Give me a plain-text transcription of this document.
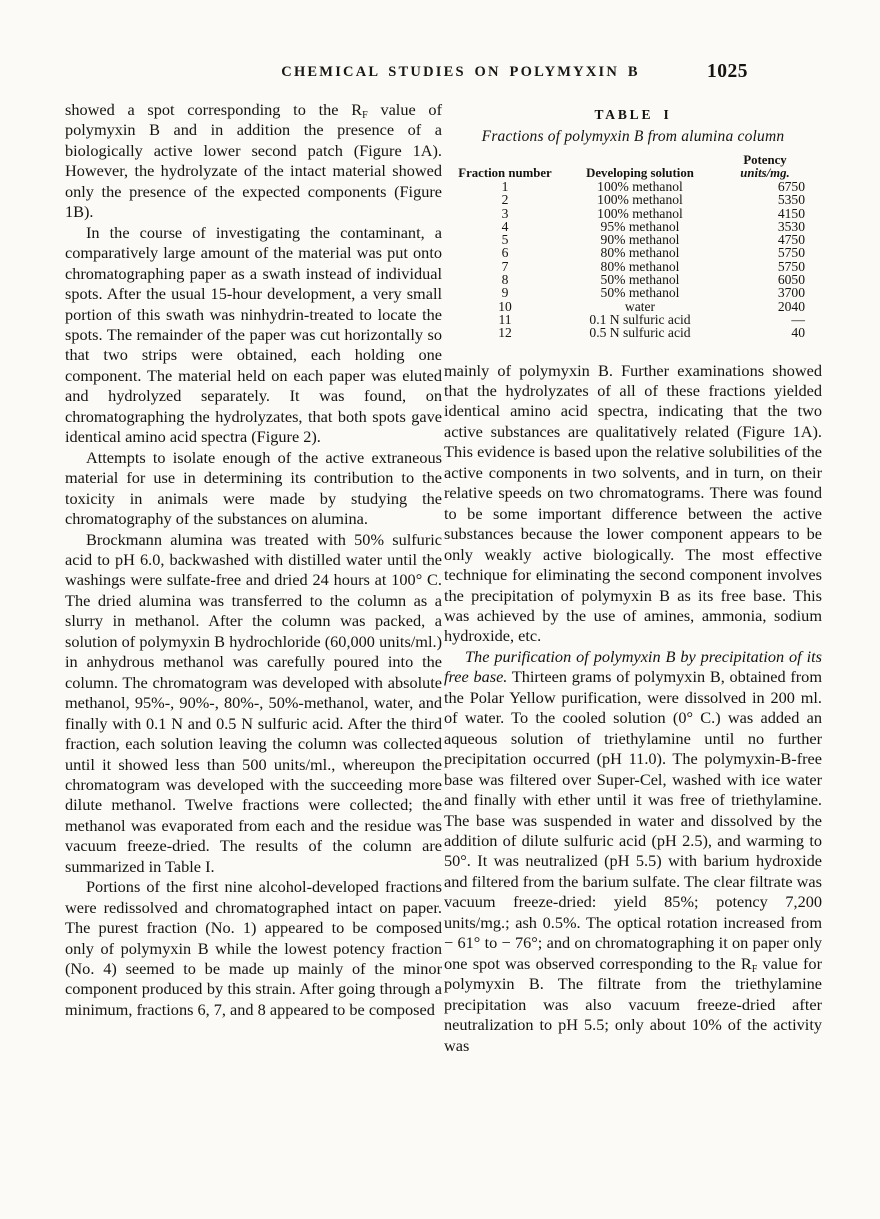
CHEMICAL STUDIES ON POLYMYXIN B	1025

showed a spot corresponding to the $R_F$ value of polymyxin B and in addition the presence of a biologically active lower second patch (Figure 1A). However, the hydrolyzate of the intact material showed only the presence of the expected components (Figure 1B).

In the course of investigating the contaminant, a comparatively large amount of the material was put onto chromatographing paper as a swath instead of individual spots. After the usual 15-hour development, a very small portion of this swath was ninhydrin-treated to locate the spots. The remainder of the paper was cut horizontally so that two strips were obtained, each holding one component. The material held on each paper was eluted and hydrolyzed separately. It was found, on chromatographing the hydrolyzates, that both spots gave identical amino acid spectra (Figure 2).

Attempts to isolate enough of the active extraneous material for use in determining its contribution to the toxicity in animals were made by studying the chromatography of the substances on alumina.

Brockmann alumina was treated with 50% sulfuric acid to pH 6.0, backwashed with distilled water until the washings were sulfate-free and dried 24 hours at 100° C. The dried alumina was transferred to the column as a slurry in methanol. After the column was packed, a solution of polymyxin B hydrochloride (60,000 units/ml.) in anhydrous methanol was carefully poured into the column. The chromatogram was developed with absolute methanol, 95%-, 90%-, 80%-, 50%-methanol, water, and finally with 0.1 N and 0.5 N sulfuric acid. After the third fraction, each solution leaving the column was collected until it showed less than 500 units/ml., whereupon the chromatogram was developed with the succeeding more dilute methanol. Twelve fractions were collected; the methanol was evaporated from each and the residue was vacuum freeze-dried. The results of the column are summarized in Table I.

Portions of the first nine alcohol-developed fractions were redissolved and chromatographed intact on paper. The purest fraction (No. 1) appeared to be composed only of polymyxin B while the lowest potency fraction (No. 4) seemed to be made up mainly of the minor component produced by this strain. After going through a minimum, fractions 6, 7, and 8 appeared to be composed

TABLE I
Fractions of polymyxin B from alumina column
Fraction number	Developing solution	Potency
units/mg.

1	100% methanol	6750
2	100% methanol	5350
3	100% methanol	4150
4	95% methanol	3530
5	90% methanol	4750
6	80% methanol	5750
7	80% methanol	5750
8	50% methanol	6050
9	50% methanol	3700
10	water	2040
11	0.1 N sulfuric acid	—
12	0.5 N sulfuric acid	40

mainly of polymyxin B. Further examinations showed that the hydrolyzates of all of these fractions yielded identical amino acid spectra, indicating that the two active substances are qualitatively related (Figure 1A). This evidence is based upon the relative solubilities of the active components in two solvents, and in turn, on their relative speeds on two chromatograms. There was found to be some important difference between the active substances because the lower component appears to be only weakly active biologically. The most effective technique for eliminating the second component involves the precipitation of polymyxin B as its free base. This was achieved by the use of amines, ammonia, sodium hydroxide, etc.

The purification of polymyxin B by precipitation of its free base. Thirteen grams of polymyxin B, obtained from the Polar Yellow purification, were dissolved in 200 ml. of water. To the cooled solution (0° C.) was added an aqueous solution of triethylamine until no further precipitation occurred (pH 11.0). The polymyxin-B-free base was filtered over Super-Cel, washed with ice water and finally with ether until it was free of triethylamine. The base was suspended in water and dissolved by the addition of dilute sulfuric acid (pH 2.5), and warming to 50°. It was neutralized (pH 5.5) with barium hydroxide and filtered from the barium sulfate. The clear filtrate was vacuum freeze-dried: yield 85%; potency 7,200 units/mg.; ash 0.5%. The optical rotation increased from − 61° to − 76°; and on chromatographing it on paper only one spot was observed corresponding to the $R_F$ value for polymyxin B. The filtrate from the triethylamine precipitation was also vacuum freeze-dried after neutralization to pH 5.5; only about 10% of the activity was
